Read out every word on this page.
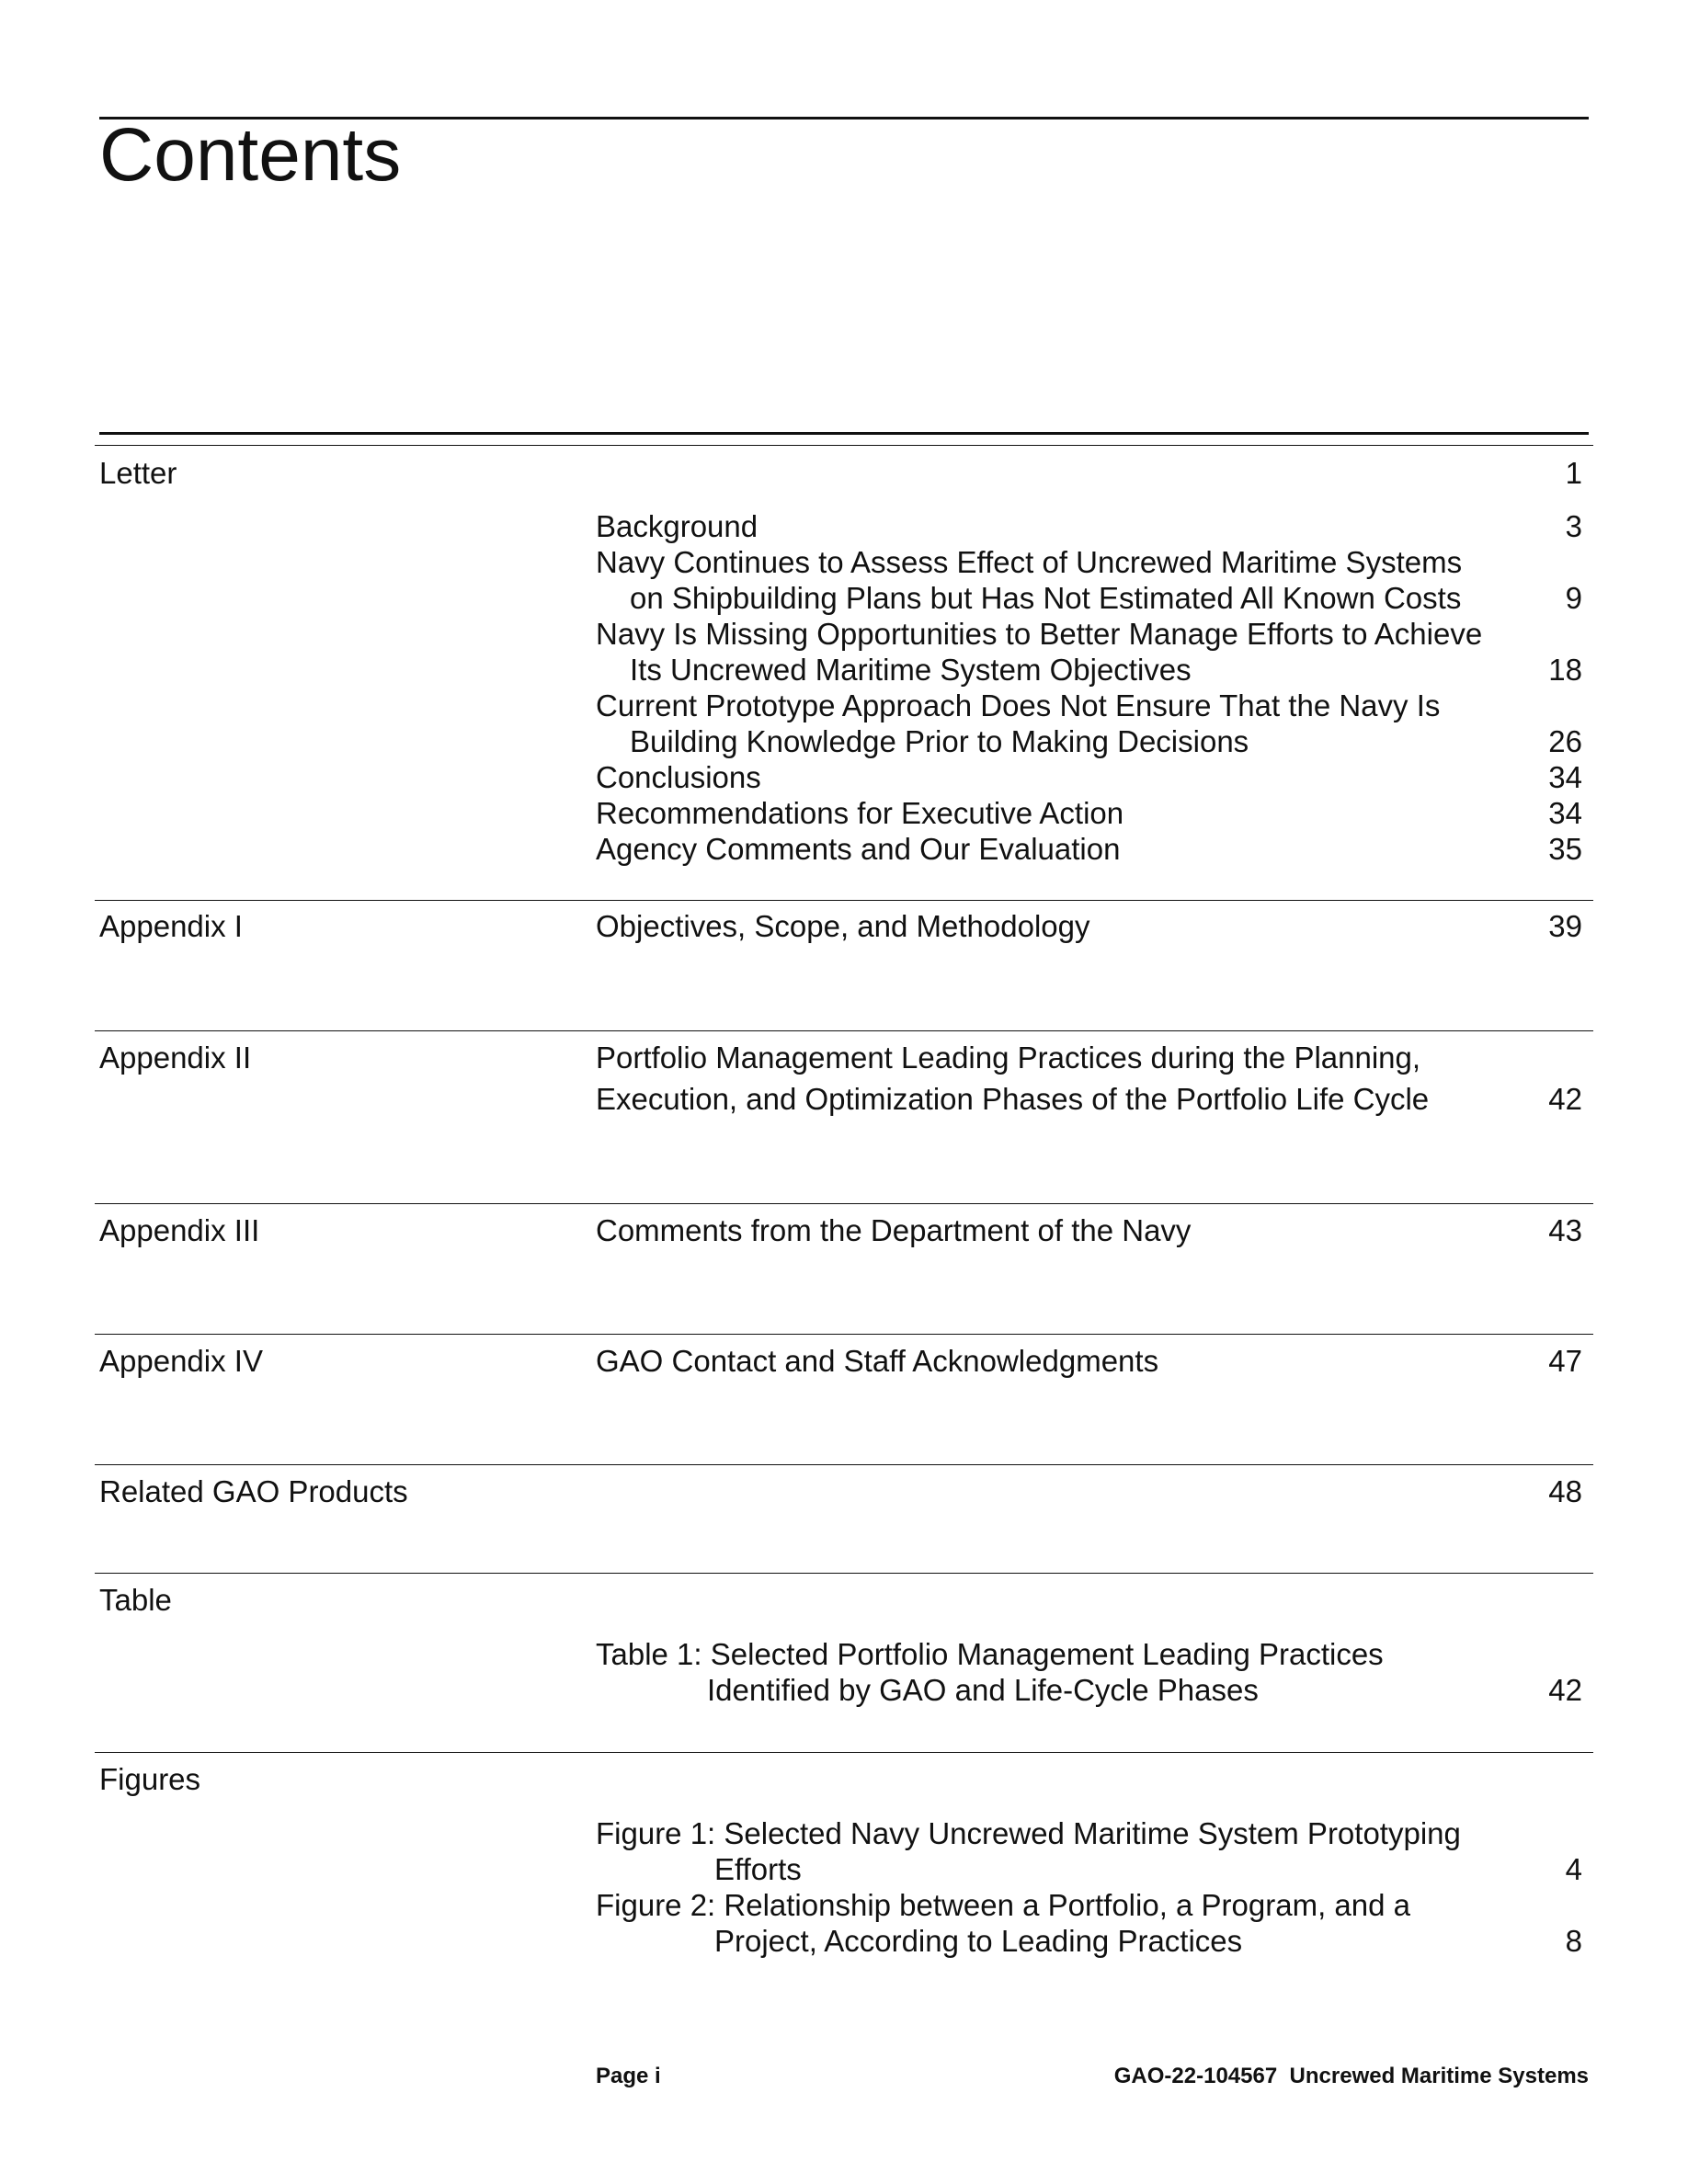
Contents
Letter	1
Background	3
Navy Continues to Assess Effect of Uncrewed Maritime Systems
on Shipbuilding Plans but Has Not Estimated All Known Costs	9
Navy Is Missing Opportunities to Better Manage Efforts to Achieve
Its Uncrewed Maritime System Objectives	18
Current Prototype Approach Does Not Ensure That the Navy Is
Building Knowledge Prior to Making Decisions	26
Conclusions	34
Recommendations for Executive Action	34
Agency Comments and Our Evaluation	35
Appendix I	Objectives, Scope, and Methodology	39
Appendix II	Portfolio Management Leading Practices during the Planning,
Execution, and Optimization Phases of the Portfolio Life Cycle	42
Appendix III	Comments from the Department of the Navy	43
Appendix IV	GAO Contact and Staff Acknowledgments	47
Related GAO Products	48
Table
Table 1: Selected Portfolio Management Leading Practices
Identified by GAO and Life-Cycle Phases	42
Figures
Figure 1: Selected Navy Uncrewed Maritime System Prototyping
Efforts	4
Figure 2: Relationship between a Portfolio, a Program, and a
Project, According to Leading Practices	8
Page i	GAO-22-104567  Uncrewed Maritime Systems
